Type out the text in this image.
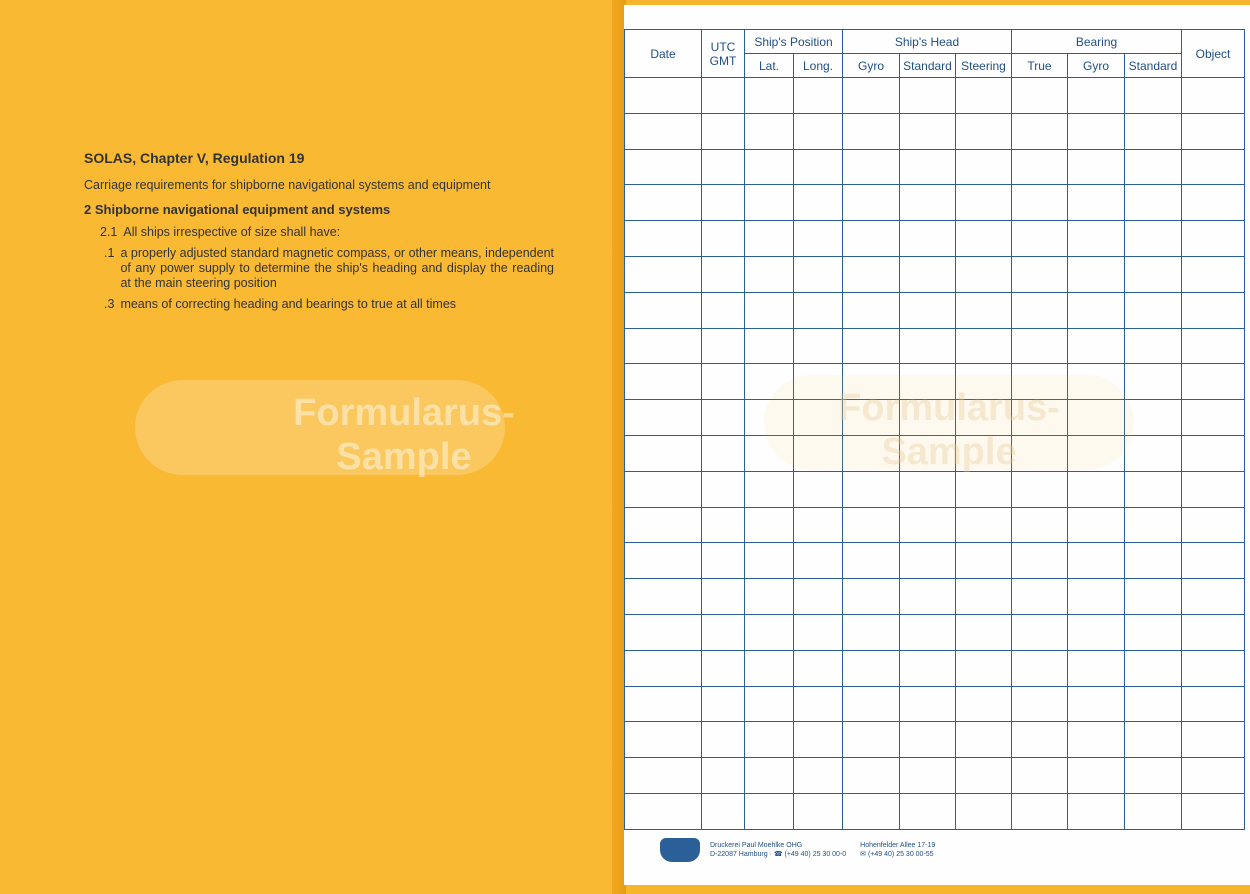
Formularus-
Sample
SOLAS, Chapter V, Regulation 19
Carriage requirements for shipborne navigational systems and equipment
2 Shipborne navigational equipment and systems
2.1 All ships irrespective of size shall have:
.1 a properly adjusted standard magnetic compass, or other means, independent of any power supply to determine the ship's heading and display the reading at the main steering position
.3 means of correcting heading and bearings to true at all times
Date	UTC GMT	Ship's Position		Ship's Head			Bearing			Object
		Lat.	Long.	Gyro	Standard	Steering	True	Gyro	Standard	

Formularus-
Sample
Druckerei Paul Moehlke OHG
D-22087 Hamburg · ☎ (+49 40) 25 30 00-0
Hohenfelder Allee 17-19
✉ (+49 40) 25 30 00-55
